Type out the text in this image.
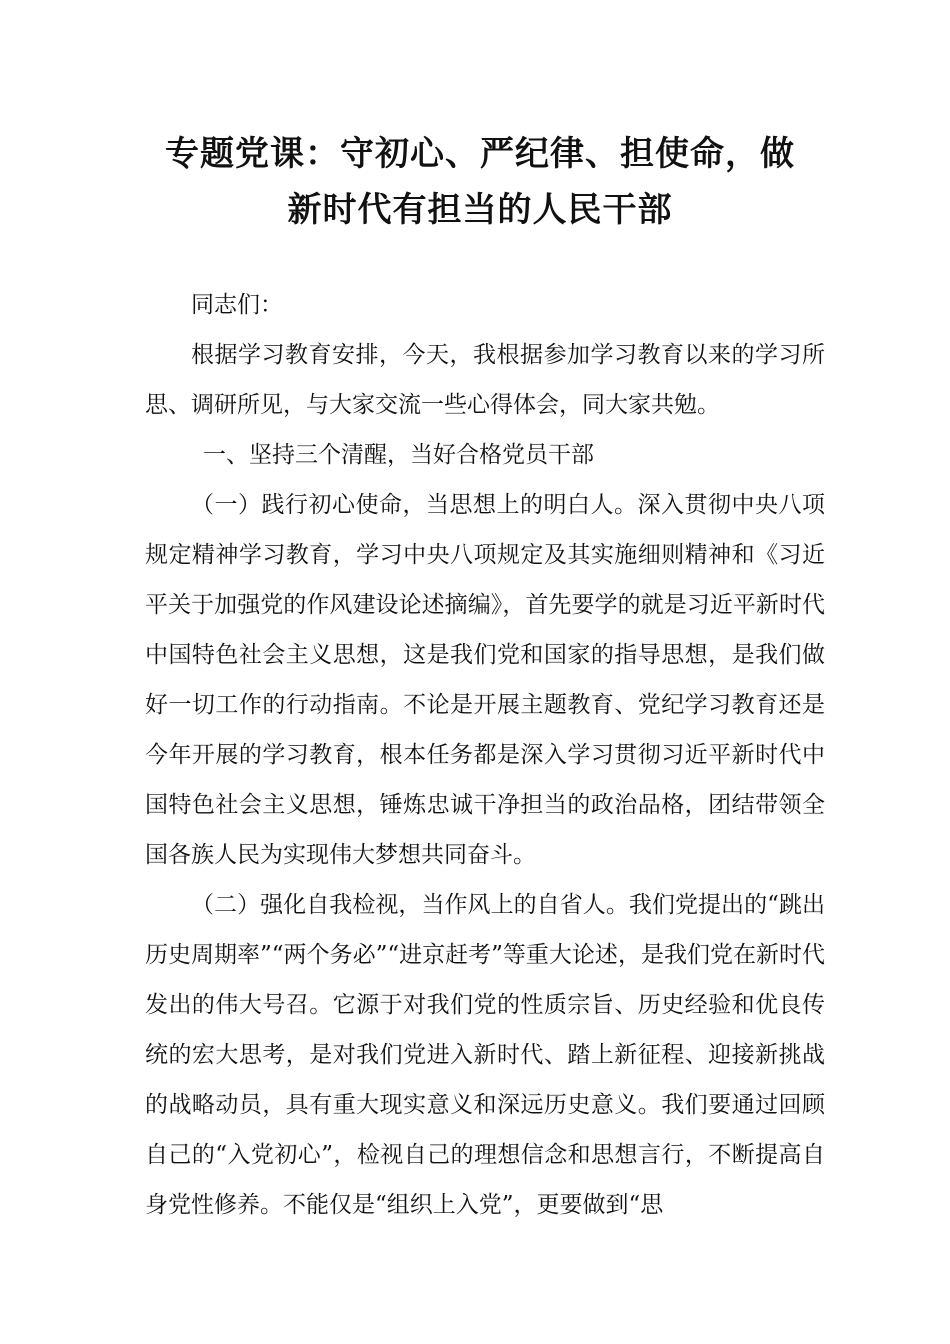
专题党课：守初心、严纪律、担使命，做
新时代有担当的人民干部

同志们：

根据学习教育安排，今天，我根据参加学习教育以来的学习所思、调研所见，与大家交流一些心得体会，同大家共勉。

一、坚持三个清醒，当好合格党员干部

（一）践行初心使命，当思想上的明白人。深入贯彻中央八项规定精神学习教育，学习中央八项规定及其实施细则精神和《习近平关于加强党的作风建设论述摘编》，首先要学的就是习近平新时代中国特色社会主义思想，这是我们党和国家的指导思想，是我们做好一切工作的行动指南。不论是开展主题教育、党纪学习教育还是今年开展的学习教育，根本任务都是深入学习贯彻习近平新时代中国特色社会主义思想，锤炼忠诚干净担当的政治品格，团结带领全国各族人民为实现伟大梦想共同奋斗。

（二）强化自我检视，当作风上的自省人。我们党提出的“跳出历史周期率”“两个务必”“进京赶考”等重大论述，是我们党在新时代发出的伟大号召。它源于对我们党的性质宗旨、历史经验和优良传统的宏大思考，是对我们党进入新时代、踏上新征程、迎接新挑战的战略动员，具有重大现实意义和深远历史意义。我们要通过回顾自己的“入党初心”，检视自己的理想信念和思想言行，不断提高自身党性修养。不能仅是“组织上入党”，更要做到“思
